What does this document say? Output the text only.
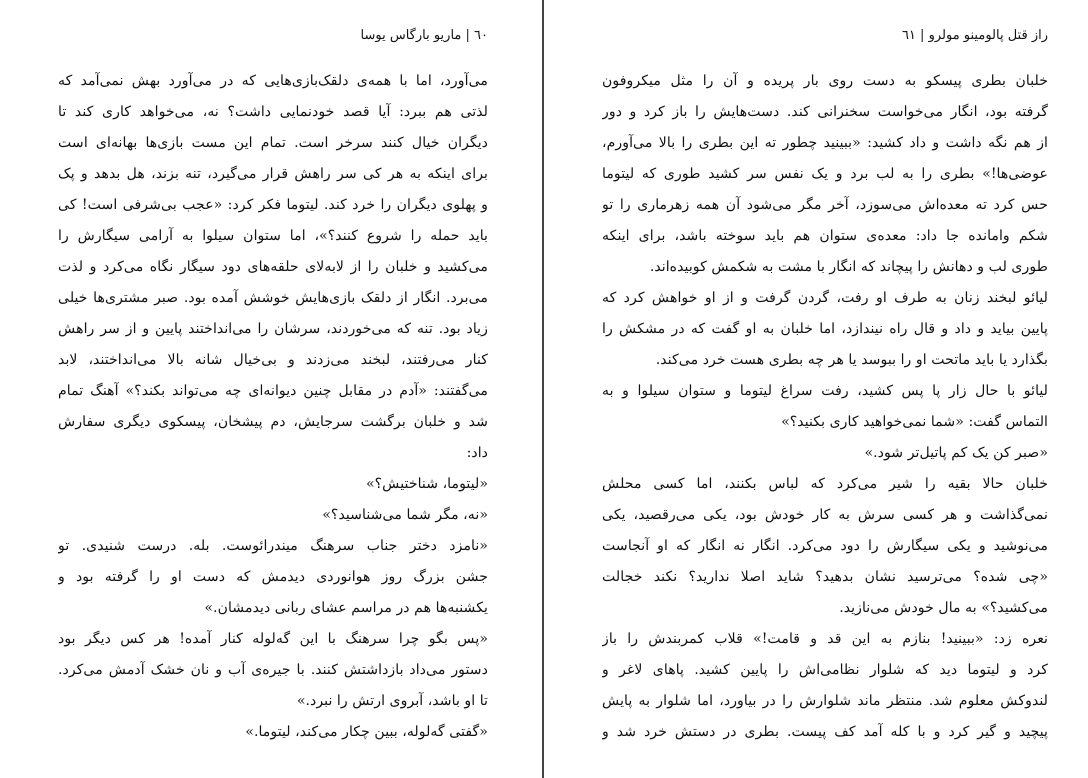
٦۰ | ماریو بارگاس یوسا
می‌آورد، اما با همه‌ی دلقک‌بازی‌هایی که در می‌آورد بهش نمی‌آمد که
لذتی هم ببرد: آیا قصد خودنمایی داشت؟ نه، می‌خواهد کاری کند تا
دیگران خیال کنند سرخر است. تمام این مست بازی‌ها بهانه‌ای است
برای اینکه به هر کی سر راهش قرار می‌گیرد، تنه بزند، هل بدهد و پک
و پهلوی دیگران را خرد کند. لیتوما فکر کرد: «عجب بی‌شرفی است! کی
باید حمله را شروع کنند؟»، اما ستوان سیلوا به آرامی سیگارش را
می‌کشید و خلبان را از لابه‌لای حلقه‌های دود سیگار نگاه می‌کرد و لذت
می‌برد. انگار از دلقک بازی‌هایش خوشش آمده بود. صبر مشتری‌ها خیلی
زیاد بود. تنه که می‌خوردند، سرشان را می‌انداختند پایین و از سر راهش
کنار می‌رفتند، لبخند می‌زدند و بی‌خیال شانه بالا می‌انداختند، لابد
می‌گفتند: «آدم در مقابل چنین دیوانه‌ای چه می‌تواند بکند؟» آهنگ تمام
شد و خلبان برگشت سرجایش، دم پیشخان، پیسکوی دیگری سفارش
داد:
«لیتوما، شناختیش؟»
«نه، مگر شما می‌شناسید؟»
«نامزد دختر جناب سرهنگ میندرائوست. بله. درست شنیدی. تو
جشن بزرگ روز هوانوردی دیدمش که دست او را گرفته بود و
یکشنبه‌ها هم در مراسم عشای ربانی دیدمشان.»
«پس بگو چرا سرهنگ با این گه‌لوله کنار آمده! هر کس دیگر بود
دستور می‌داد بازداشتش کنند. با جیره‌ی آب و نان خشک آدمش می‌کرد.
تا او باشد، آبروی ارتش را نبرد.»
«گفتی گه‌لوله، ببین چکار می‌کند، لیتوما.»
راز قتل پالومینو مولرو | ٦۱
خلبان بطری پیسکو به دست روی بار پریده و آن را مثل میکروفون
گرفته بود، انگار می‌خواست سخنرانی کند. دست‌هایش را باز کرد و دور
از هم نگه داشت و داد کشید: «ببینید چطور ته این بطری را بالا می‌آورم،
عوضی‌ها!» بطری را به لب برد و یک نفس سر کشید طوری که لیتوما
حس کرد ته معده‌اش می‌سوزد، آخر مگر می‌شود آن همه زهرماری را تو
شکم وامانده جا داد: معده‌ی ستوان هم باید سوخته باشد، برای اینکه
طوری لب و دهانش را پیچاند که انگار با مشت به شکمش کوبیده‌اند.
لیائو لبخند زنان به طرف او رفت، گردن گرفت و از او خواهش کرد که
پایین بیاید و داد و قال راه نیندازد، اما خلبان به او گفت که در مشکش را
بگذارد یا باید ماتحت او را ببوسد یا هر چه بطری هست خرد می‌کند.
لیائو با حال زار پا پس کشید، رفت سراغ لیتوما و ستوان سیلوا و به
التماس گفت: «شما نمی‌خواهید کاری بکنید؟»
«صبر کن یک کم پاتیل‌تر شود.»
خلبان حالا بقیه را شیر می‌کرد که لباس بکنند، اما کسی محلش
نمی‌گذاشت و هر کسی سرش به کار خودش بود، یکی می‌رقصید، یکی
می‌نوشید و یکی سیگارش را دود می‌کرد. انگار نه انگار که او آنجاست
«چی شده؟ می‌ترسید نشان بدهید؟ شاید اصلا ندارید؟ نکند خجالت
می‌کشید؟» به مال خودش می‌نازید.
نعره زد: «ببینید! بنازم به این قد و قامت!» قلاب کمربندش را باز
کرد و لیتوما دید که شلوار نظامی‌اش را پایین کشید. پاهای لاغر و
لندوکش معلوم شد. منتظر ماند شلوارش را در بیاورد، اما شلوار به پایش
پیچید و گیر کرد و با کله آمد کف پیست. بطری در دستش خرد شد و
